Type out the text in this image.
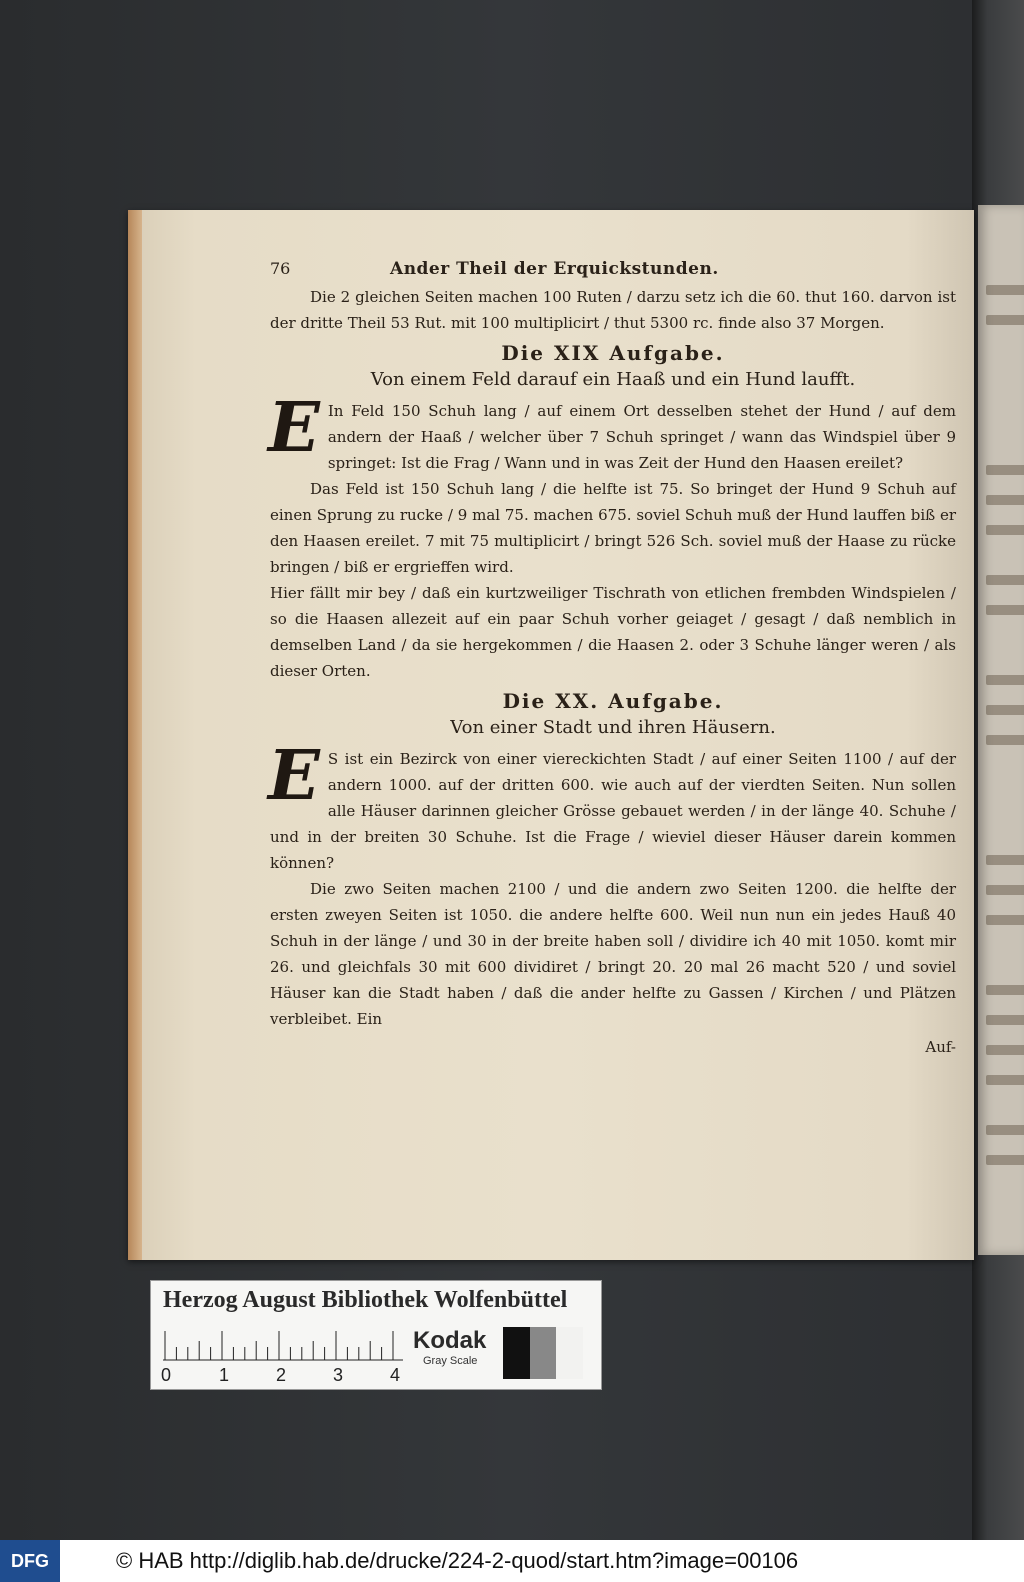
76	Ander Theil der Erquickstunden.

Die 2 gleichen Seiten machen 100 Ruten / darzu setz ich die 60. thut 160. darvon ist der dritte Theil 53 Rut. mit 100 multiplicirt / thut 5300 rc. finde also 37 Morgen.

Die XIX Aufgabe.
Von einem Feld darauf ein Haaß und ein Hund laufft.

E In Feld 150 Schuh lang / auf einem Ort desselben stehet der Hund / auf dem andern der Haaß / welcher über 7 Schuh springet / wann das Windspiel über 9 springet: Ist die Frag / Wann und in was Zeit der Hund den Haasen ereilet?

Das Feld ist 150 Schuh lang / die helfte ist 75. So bringet der Hund 9 Schuh auf einen Sprung zu rucke / 9 mal 75. machen 675. soviel Schuh muß der Hund lauffen biß er den Haasen ereilet. 7 mit 75 multiplicirt / bringt 526 Sch. soviel muß der Haase zu rücke bringen / biß er ergrieffen wird.

Hier fällt mir bey / daß ein kurtzweiliger Tischrath von etlichen frembden Windspielen / so die Haasen allezeit auf ein paar Schuh vorher geiaget / gesagt / daß nemblich in demselben Land / da sie hergekommen / die Haasen 2. oder 3 Schuhe länger weren / als dieser Orten.

Die XX. Aufgabe.
Von einer Stadt und ihren Häusern.

E S ist ein Bezirck von einer viereckichten Stadt / auf einer Seiten 1100 / auf der andern 1000. auf der dritten 600. wie auch auf der vierdten Seiten. Nun sollen alle Häuser darinnen gleicher Grösse gebauet werden / in der länge 40. Schuhe / und in der breiten 30 Schuhe. Ist die Frage / wieviel dieser Häuser darein kommen können?

Die zwo Seiten machen 2100 / und die andern zwo Seiten 1200. die helfte der ersten zweyen Seiten ist 1050. die andere helfte 600. Weil nun nun ein jedes Hauß 40 Schuh in der länge / und 30 in der breite haben soll / dividire ich 40 mit 1050. komt mir 26. und gleichfals 30 mit 600 dividiret / bringt 20. 20 mal 26 macht 520 / und soviel Häuser kan die Stadt haben / daß die ander helfte zu Gassen / Kirchen / und Plätzen verbleibet. Ein

Auf-
Herzog August Bibliothek Wolfenbüttel
0	1	2	3	4
Kodak
Gray Scale
DFG	© HAB http://diglib.hab.de/drucke/224-2-quod/start.htm?image=00106
